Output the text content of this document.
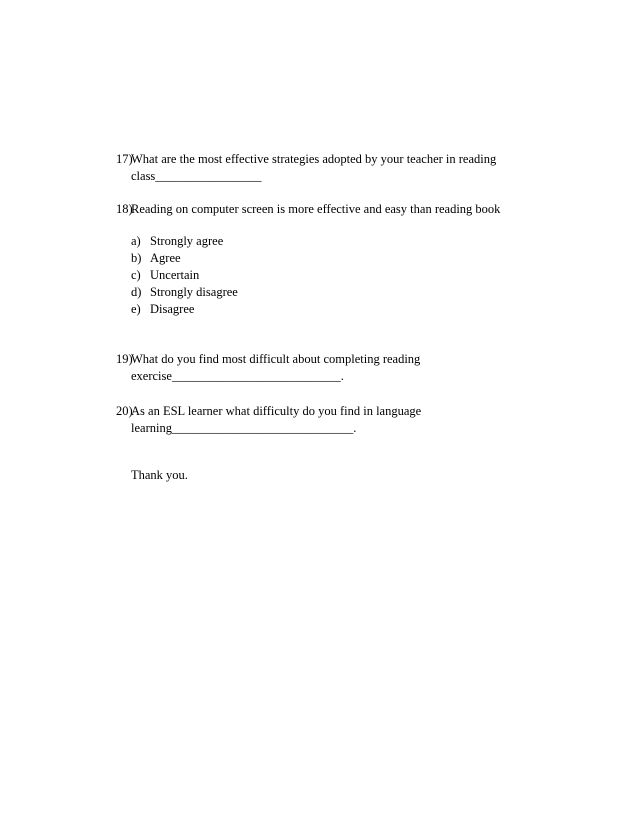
17)What are the most effective strategies adopted by your teacher in reading
class_________________
18)Reading on computer screen is more effective and easy than reading book
a) Strongly agree
b) Agree
c) Uncertain
d) Strongly disagree
e) Disagree
19)What do you find most difficult about completing reading
exercise___________________________.
20)As an ESL learner what difficulty do you find in language
learning_____________________________.
Thank you.
